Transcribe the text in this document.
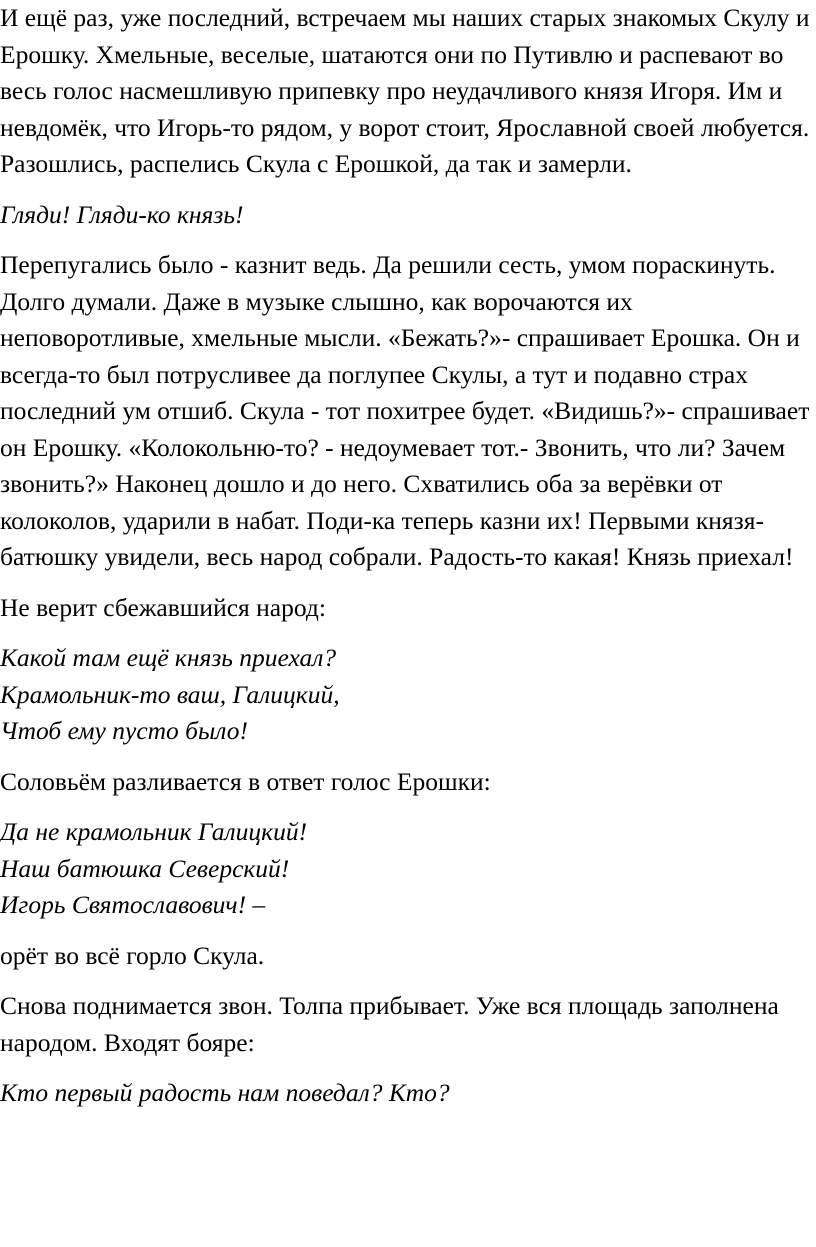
И ещё раз, уже последний, встречаем мы наших старых знакомых Скулу и Ерошку. Хмельные, веселые, шатаются они по Путивлю и распевают во весь голос насмешливую припевку про неудачливого князя Игоря. Им и невдомёк, что Игорь-то рядом, у ворот стоит, Ярославной своей любуется. Разошлись, распелись Скула с Ерошкой, да так и замерли.

Гляди! Гляди-ко князь!

Перепугались было - казнит ведь. Да решили сесть, умом пораскинуть. Долго думали. Даже в музыке слышно, как ворочаются их неповоротливые, хмельные мысли. «Бежать?»- спрашивает Ерошка. Он и всегда-то был потрусливее да поглупее Скулы, а тут и подавно страх последний ум отшиб. Скула - тот похитрее будет. «Видишь?»- спрашивает он Ерошку. «Колокольню-то? - недоумевает тот.- Звонить, что ли? Зачем звонить?» Наконец дошло и до него. Схватились оба за верёвки от колоколов, ударили в набат. Поди-ка теперь казни их! Первыми князя-батюшку увидели, весь народ собрали. Радость-то какая! Князь приехал!

Не верит сбежавшийся народ:

Какой там ещё князь приехал?
Крамольник-то ваш, Галицкий,
Чтоб ему пусто было!

Соловьём разливается в ответ голос Ерошки:

Да не крамольник Галицкий!
Наш батюшка Северский!
Игорь Святославович! –

орёт во всё горло Скула.

Снова поднимается звон. Толпа прибывает. Уже вся площадь заполнена народом. Входят бояре:

Кто первый радость нам поведал? Кто?
